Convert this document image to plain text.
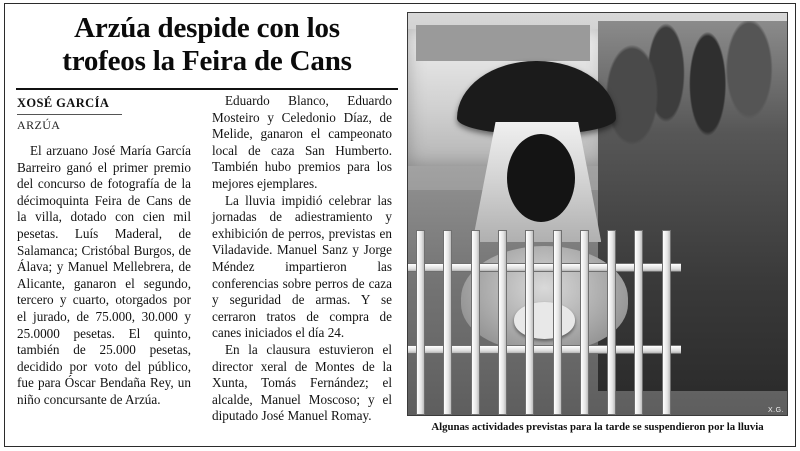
Arzúa despide con los
trofeos la Feira de Cans
XOSÉ GARCÍA
ARZÚA

El arzuano José María García Barreiro ganó el primer premio del concurso de fotografía de la décimoquinta Feira de Cans de la villa, dotado con cien mil pesetas. Luís Maderal, de Salamanca; Cristóbal Burgos, de Álava; y Manuel Mellebrera, de Alicante, ganaron el segundo, tercero y cuarto, otorgados por el jurado, de 75.000, 30.000 y 25.0000 pesetas. El quinto, también de 25.000 pesetas, decidido por voto del público, fue para Óscar Bendaña Rey, un niño concursante de Arzúa.

Eduardo Blanco, Eduardo Mosteiro y Celedonio Díaz, de Melide, ganaron el campeonato local de caza San Humberto. También hubo premios para los mejores ejemplares.

La lluvia impidió celebrar las jornadas de adiestramiento y exhibición de perros, previstas en Viladavide. Manuel Sanz y Jorge Méndez impartieron las conferencias sobre perros de caza y seguridad de armas. Y se cerraron tratos de compra de canes iniciados el día 24.

En la clausura estuvieron el director xeral de Montes de la Xunta, Tomás Fernández; el alcalde, Manuel Moscoso; y el diputado José Manuel Romay.	X.G.
Algunas actividades previstas para la tarde se suspendieron por la lluvia
